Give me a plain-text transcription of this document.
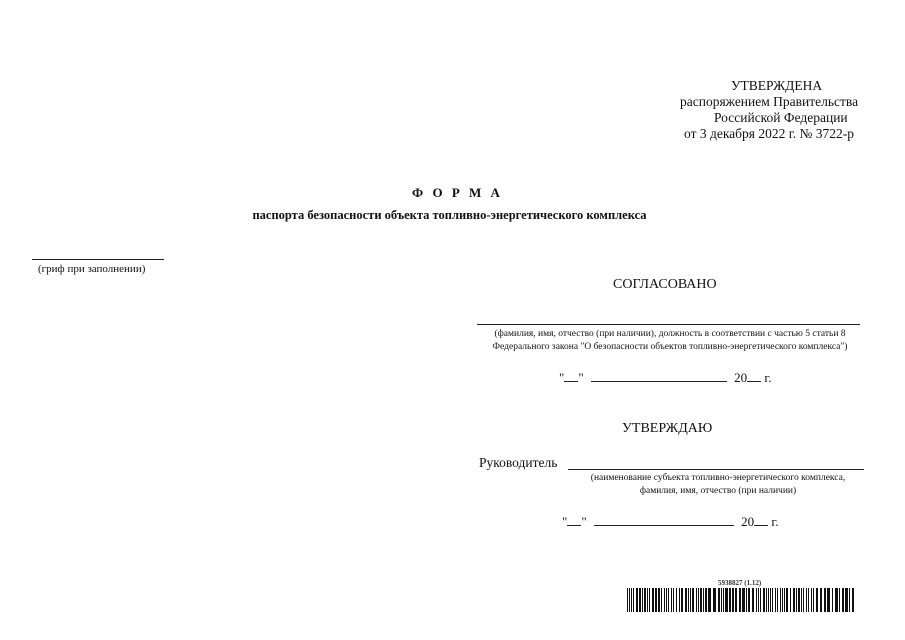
УТВЕРЖДЕНА
распоряжением Правительства
Российской Федерации
от 3 декабря 2022 г. № 3722-р
Ф О Р М А
паспорта безопасности объекта топливно-энергетического комплекса
(гриф при заполнении)
СОГЛАСОВАНО
(фамилия, имя, отчество (при наличии), должность в соответствии с частью 5 статьи 8
Федерального закона "О безопасности объектов топливно-энергетического комплекса")
" "	20 г.
УТВЕРЖДАЮ
Руководитель
(наименование субъекта топливно-энергетического комплекса,
фамилия, имя, отчество (при наличии)
" "	20 г.
5938827 (1.12)
